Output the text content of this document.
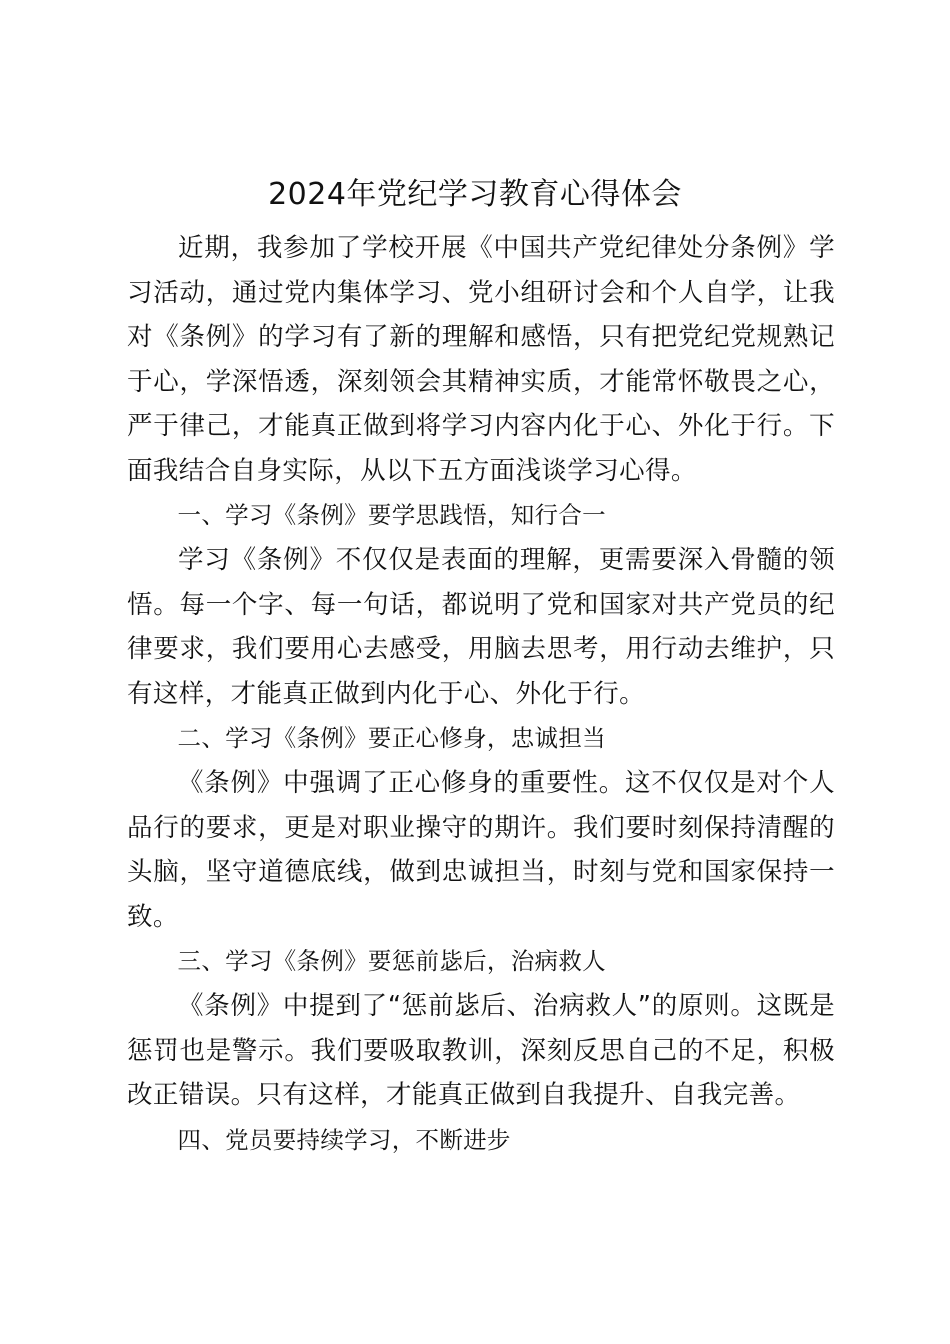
2024年党纪学习教育心得体会

近期，我参加了学校开展《中国共产党纪律处分条例》学习活动，通过党内集体学习、党小组研讨会和个人自学，让我对《条例》的学习有了新的理解和感悟，只有把党纪党规熟记于心，学深悟透，深刻领会其精神实质，才能常怀敬畏之心，严于律己，才能真正做到将学习内容内化于心、外化于行。下面我结合自身实际，从以下五方面浅谈学习心得。

一、学习《条例》要学思践悟，知行合一

学习《条例》不仅仅是表面的理解，更需要深入骨髓的领悟。每一个字、每一句话，都说明了党和国家对共产党员的纪律要求，我们要用心去感受，用脑去思考，用行动去维护，只有这样，才能真正做到内化于心、外化于行。

二、学习《条例》要正心修身，忠诚担当

《条例》中强调了正心修身的重要性。这不仅仅是对个人品行的要求，更是对职业操守的期许。我们要时刻保持清醒的头脑，坚守道德底线，做到忠诚担当，时刻与党和国家保持一致。

三、学习《条例》要惩前毖后，治病救人

《条例》中提到了“惩前毖后、治病救人”的原则。这既是惩罚也是警示。我们要吸取教训，深刻反思自己的不足，积极改正错误。只有这样，才能真正做到自我提升、自我完善。

四、党员要持续学习，不断进步
